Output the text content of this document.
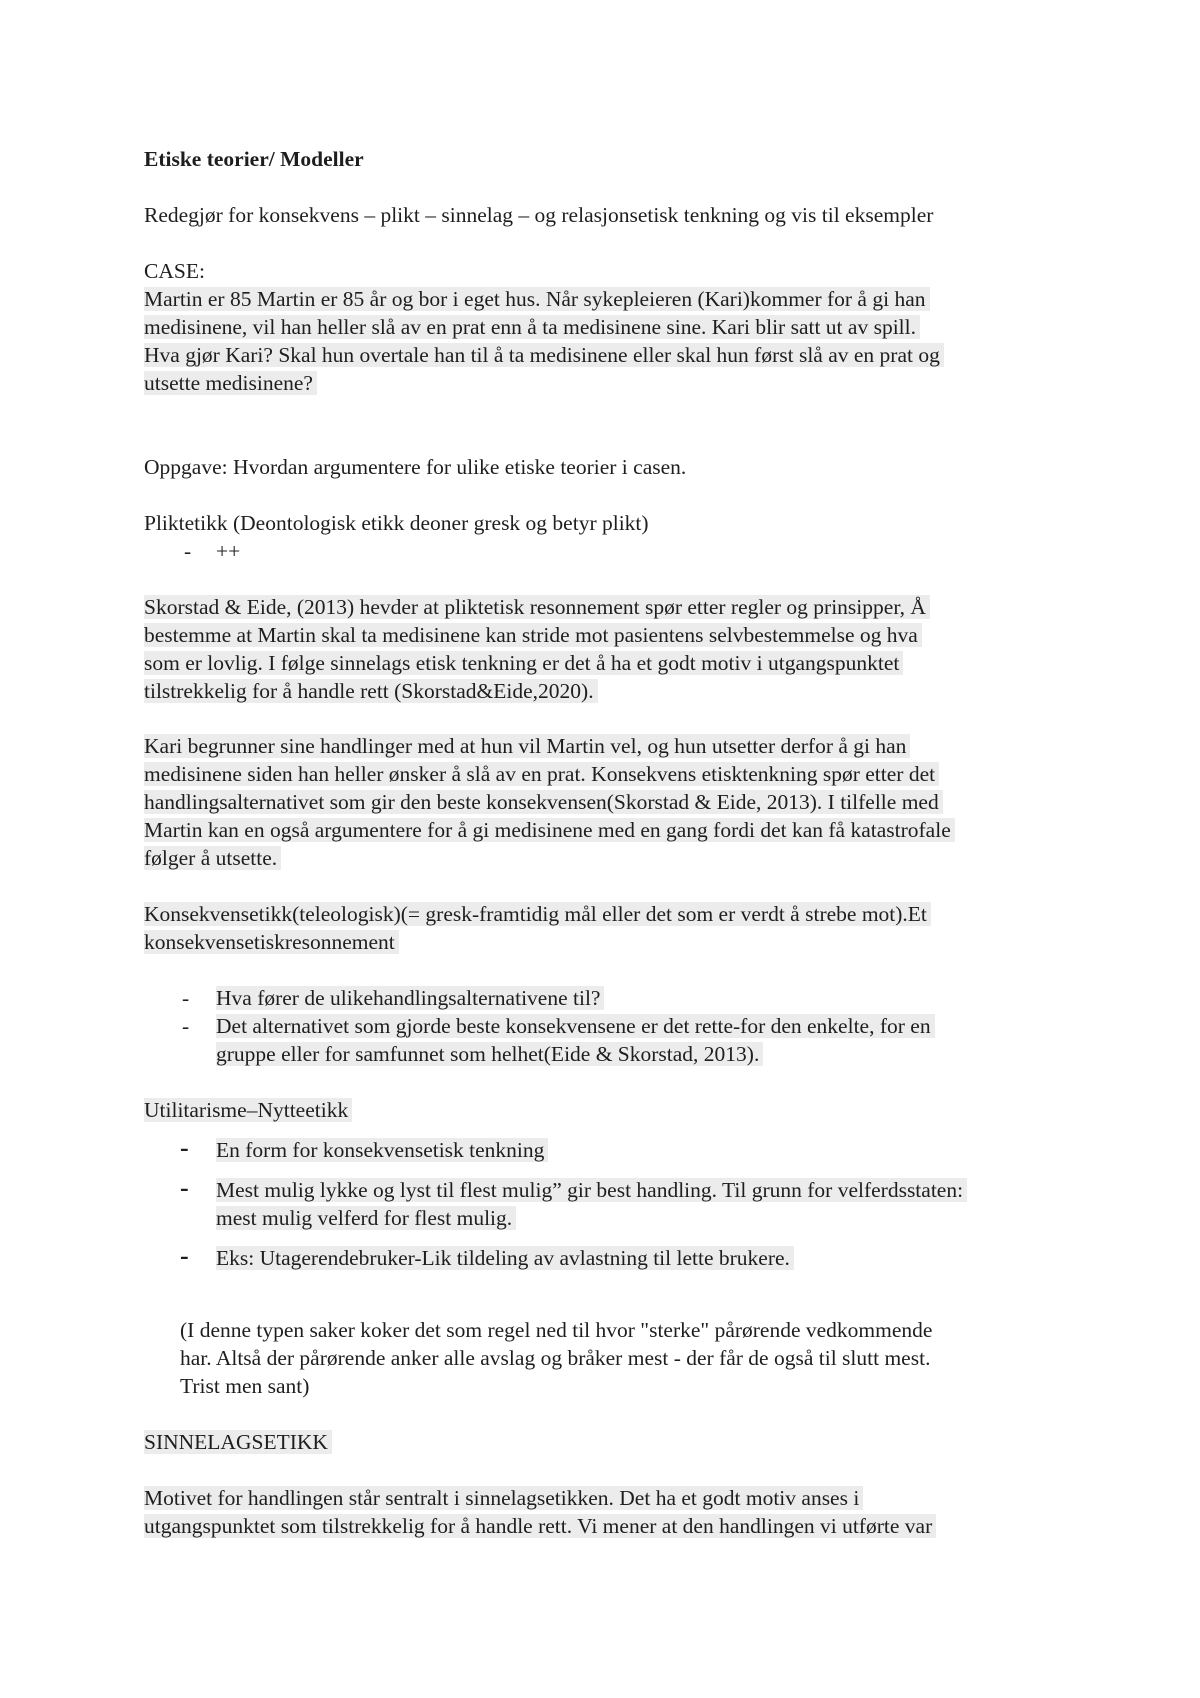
Etiske teorier/ Modeller
Redegjør for konsekvens – plikt – sinnelag – og relasjonsetisk tenkning og vis til eksempler
CASE:
Martin er 85 Martin er 85 år og bor i eget hus. Når sykepleieren (Kari)kommer for å gi han
medisinene, vil han heller slå av en prat enn å ta medisinene sine. Kari blir satt ut av spill.
Hva gjør Kari? Skal hun overtale han til å ta medisinene eller skal hun først slå av en prat og
utsette medisinene?
Oppgave: Hvordan argumentere for ulike etiske teorier i casen.
Pliktetikk (Deontologisk etikk deoner gresk og betyr plikt)
- ++
Skorstad & Eide, (2013) hevder at pliktetisk resonnement spør etter regler og prinsipper, Å
bestemme at Martin skal ta medisinene kan stride mot pasientens selvbestemmelse og hva
som er lovlig. I følge sinnelags etisk tenkning er det å ha et godt motiv i utgangspunktet
tilstrekkelig for å handle rett (Skorstad&Eide,2020).
Kari begrunner sine handlinger med at hun vil Martin vel, og hun utsetter derfor å gi han
medisinene siden han heller ønsker å slå av en prat. Konsekvens etisktenkning spør etter det
handlingsalternativet som gir den beste konsekvensen(Skorstad & Eide, 2013). I tilfelle med
Martin kan en også argumentere for å gi medisinene med en gang fordi det kan få katastrofale
følger å utsette.
Konsekvensetikk(teleologisk)(= gresk-framtidig mål eller det som er verdt å strebe mot).Et
konsekvensetiskresonnement
- Hva fører de ulikehandlingsalternativene til?
- Det alternativet som gjorde beste konsekvensene er det rette-for den enkelte, for en
gruppe eller for samfunnet som helhet(Eide & Skorstad, 2013).
Utilitarisme–Nytteetikk
- En form for konsekvensetisk tenkning
- Mest mulig lykke og lyst til flest mulig” gir best handling. Til grunn for velferdsstaten:
mest mulig velferd for flest mulig.
- Eks: Utagerendebruker-Lik tildeling av avlastning til lette brukere.
(I denne typen saker koker det som regel ned til hvor "sterke" pårørende vedkommende
har. Altså der pårørende anker alle avslag og bråker mest - der får de også til slutt mest.
Trist men sant)
SINNELAGSETIKK
Motivet for handlingen står sentralt i sinnelagsetikken. Det ha et godt motiv anses i
utgangspunktet som tilstrekkelig for å handle rett. Vi mener at den handlingen vi utførte var
